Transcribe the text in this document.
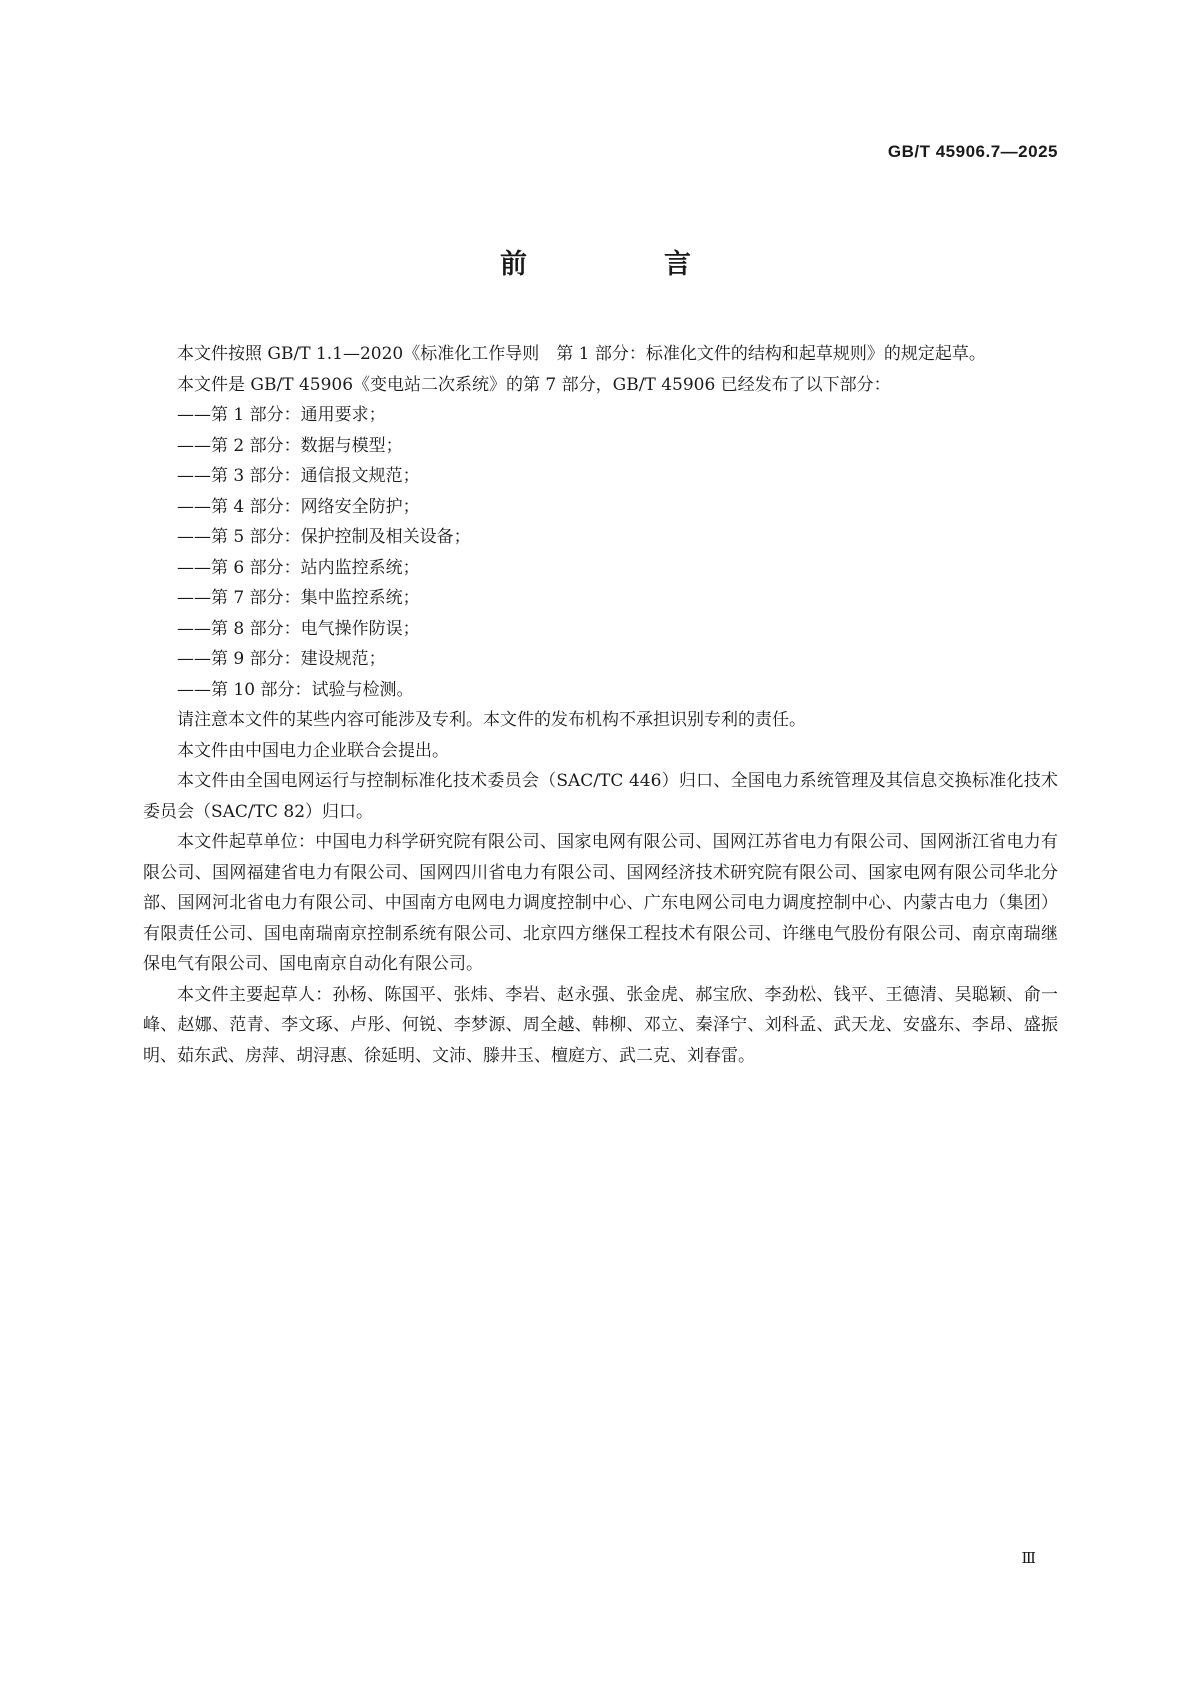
GB/T 45906.7—2025
前　言

本文件按照 GB/T 1.1—2020《标准化工作导则　第 1 部分：标准化文件的结构和起草规则》的规定起草。

本文件是 GB/T 45906《变电站二次系统》的第 7 部分，GB/T 45906 已经发布了以下部分：

——第 1 部分：通用要求；

——第 2 部分：数据与模型；

——第 3 部分：通信报文规范；

——第 4 部分：网络安全防护；

——第 5 部分：保护控制及相关设备；

——第 6 部分：站内监控系统；

——第 7 部分：集中监控系统；

——第 8 部分：电气操作防误；

——第 9 部分：建设规范；

——第 10 部分：试验与检测。

请注意本文件的某些内容可能涉及专利。本文件的发布机构不承担识别专利的责任。

本文件由中国电力企业联合会提出。

本文件由全国电网运行与控制标准化技术委员会（SAC/TC 446）归口、全国电力系统管理及其信息交换标准化技术委员会（SAC/TC 82）归口。

本文件起草单位：中国电力科学研究院有限公司、国家电网有限公司、国网江苏省电力有限公司、国网浙江省电力有限公司、国网福建省电力有限公司、国网四川省电力有限公司、国网经济技术研究院有限公司、国家电网有限公司华北分部、国网河北省电力有限公司、中国南方电网电力调度控制中心、广东电网公司电力调度控制中心、内蒙古电力（集团）有限责任公司、国电南瑞南京控制系统有限公司、北京四方继保工程技术有限公司、许继电气股份有限公司、南京南瑞继保电气有限公司、国电南京自动化有限公司。

本文件主要起草人：孙杨、陈国平、张炜、李岩、赵永强、张金虎、郝宝欣、李劲松、钱平、王德清、吴聪颖、俞一峰、赵娜、范青、李文琢、卢彤、何锐、李梦源、周全越、韩柳、邓立、秦泽宁、刘科孟、武天龙、安盛东、李昂、盛振明、茹东武、房萍、胡浔惠、徐延明、文沛、滕井玉、檀庭方、武二克、刘春雷。

Ⅲ
